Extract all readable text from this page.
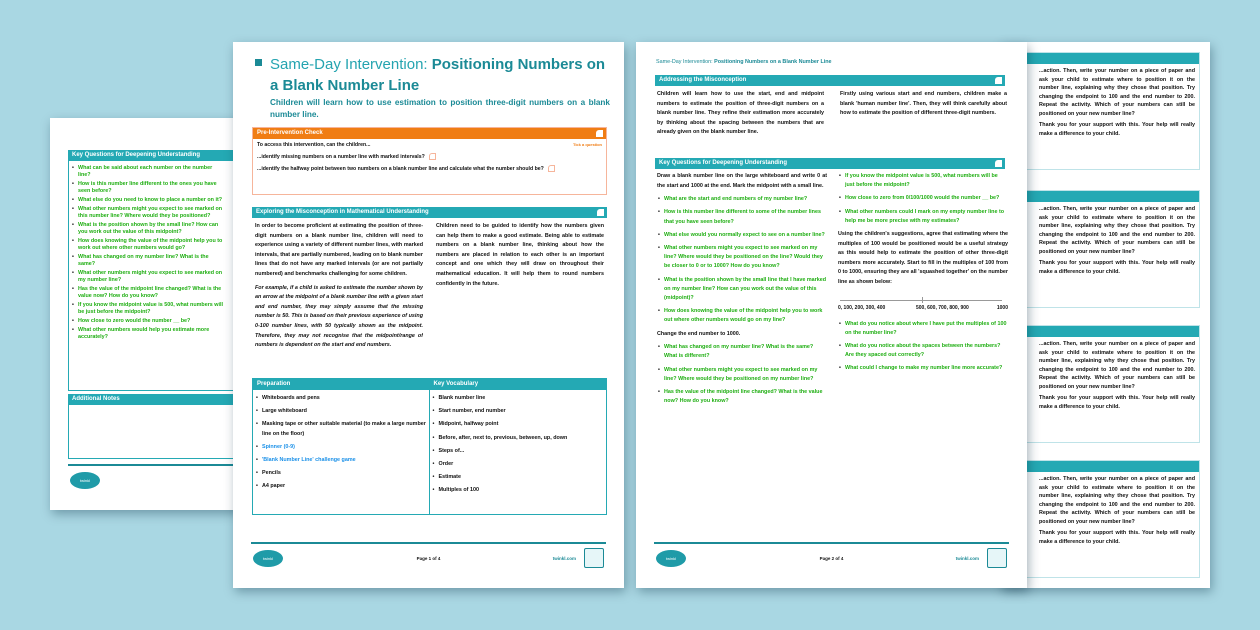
Key Questions for Deepening Understanding
• What can be said about each number on the number line?
• How is this number line different to the ones you have seen before?
• What else do you need to know to place a number on it?
• What other numbers might you expect to see marked on this number line? Where would they be positioned?
• What is the position shown by the small line? How can you work out the value of this midpoint?
• How does knowing the value of the midpoint help you to work out where other numbers would go?
• What has changed on my number line? What is the same?
• What other numbers might you expect to see marked on my number line?
• Has the value of the midpoint line changed? What is the value now? How do you know?
• If you know the midpoint value is 500, what numbers will be just before the midpoint?
• How close to zero would the number __ be?
• What other numbers would help you estimate more accurately?
Additional Notes
twinkl

...action. Then, write your number on a piece of paper and ask your child to estimate where to position it on the number line, explaining why they chose that position. Try changing the endpoint to 100 and the end number to 200. Repeat the activity. Which of your numbers can still be positioned on your new number line?

Thank you for your support with this. Your help will really make a difference to your child.

...action. Then, write your number on a piece of paper and ask your child to estimate where to position it on the number line, explaining why they chose that position. Try changing the endpoint to 100 and the end number to 200. Repeat the activity. Which of your numbers can still be positioned on your new number line?

Thank you for your support with this. Your help will really make a difference to your child.

...action. Then, write your number on a piece of paper and ask your child to estimate where to position it on the number line, explaining why they chose that position. Try changing the endpoint to 100 and the end number to 200. Repeat the activity. Which of your numbers can still be positioned on your new number line?

Thank you for your support with this. Your help will really make a difference to your child.

...action. Then, write your number on a piece of paper and ask your child to estimate where to position it on the number line, explaining why they chose that position. Try changing the endpoint to 100 and the end number to 200. Repeat the activity. Which of your numbers can still be positioned on your new number line?

Thank you for your support with this. Your help will really make a difference to your child.

Same-Day Intervention: Positioning Numbers on a Blank Number Line
Children will learn how to use estimation to position three-digit numbers on a blank number line.
Pre-Intervention Check
To access this intervention, can the children...	Tick a question
...identify missing numbers on a number line with marked intervals?
...identify the halfway point between two numbers on a blank number line and calculate what the number should be?
Exploring the Misconception in Mathematical Understanding

In order to become proficient at estimating the position of three-digit numbers on a blank number line, children will need to experience using a variety of different number lines, with marked intervals, that are partially numbered, leading on to blank number lines that do not have any marked intervals (or are not partially numbered) and benchmarks challenging for some children.

For example, if a child is asked to estimate the number shown by an arrow at the midpoint of a blank number line with a given start and end number, they may simply assume that the missing number is 50. This is based on their previous experience of using 0-100 number lines, with 50 typically shown as the midpoint. Therefore, they may not recognise that the midpoint/range of numbers is dependent on the start and end numbers.

Children need to be guided to identify how the numbers given can help them to make a good estimate. Being able to estimate numbers on a blank number line, thinking about how the numbers are placed in relation to each other is an important concept and one which they will draw on throughout their mathematical education. It will help them to round numbers confidently in the future.

Preparation
• Whiteboards and pens
• Large whiteboard
• Masking tape or other suitable material (to make a large number line on the floor)
• Spinner (0-9)
• 'Blank Number Line' challenge game
• Pencils
• A4 paper
Key Vocabulary
• Blank number line
• Start number, end number
• Midpoint, halfway point
• Before, after, next to, previous, between, up, down
• Steps of...
• Order
• Estimate
• Multiples of 100
twinkl	Page 1 of 4	twinkl.com
Same-Day Intervention: Positioning Numbers on a Blank Number Line
Addressing the Misconception

Children will learn how to use the start, end and midpoint numbers to estimate the position of three-digit numbers on a blank number line. They refine their estimation more accurately by thinking about the spacing between the numbers that are already given on the blank number line.

Firstly using various start and end numbers, children make a blank 'human number line'. Then, they will think carefully about how to estimate the position of different three-digit numbers.

Key Questions for Deepening Understanding

Draw a blank number line on the large whiteboard and write 0 at the start and 1000 at the end. Mark the midpoint with a small line.

• What are the start and end numbers of my number line?
• How is this number line different to some of the number lines that you have seen before?
• What else would you normally expect to see on a number line?
• What other numbers might you expect to see marked on my line? Where would they be positioned on the line? Would they be closer to 0 or to 1000? How do you know?
• What is the position shown by the small line that I have marked on my number line? How can you work out the value of this (midpoint)?
• How does knowing the value of the midpoint help you to work out where other numbers would go on my line?

Change the end number to 1000.

• What has changed on my number line? What is the same? What is different?
• What other numbers might you expect to see marked on my line? Where would they be positioned on my number line?
• Has the value of the midpoint line changed? What is the value now? How do you know?
• If you know the midpoint value is 500, what numbers will be just before the midpoint?
• How close to zero from 0/100/1000 would the number __ be?
• What other numbers could I mark on my empty number line to help me be more precise with my estimates?

Using the children's suggestions, agree that estimating where the multiples of 100 would be positioned would be a useful strategy as this would help to estimate the position of other three-digit numbers more accurately. Start to fill in the multiples of 100 from 0 to 1000, ensuring they are all 'squashed together' on the number line as shown below:

0, 100, 200, 300, 400	500, 600, 700, 800, 900	1000
• What do you notice about where I have put the multiples of 100 on the number line?
• What do you notice about the spaces between the numbers? Are they spaced out correctly?
• What could I change to make my number line more accurate?
twinkl	Page 2 of 4	twinkl.com
